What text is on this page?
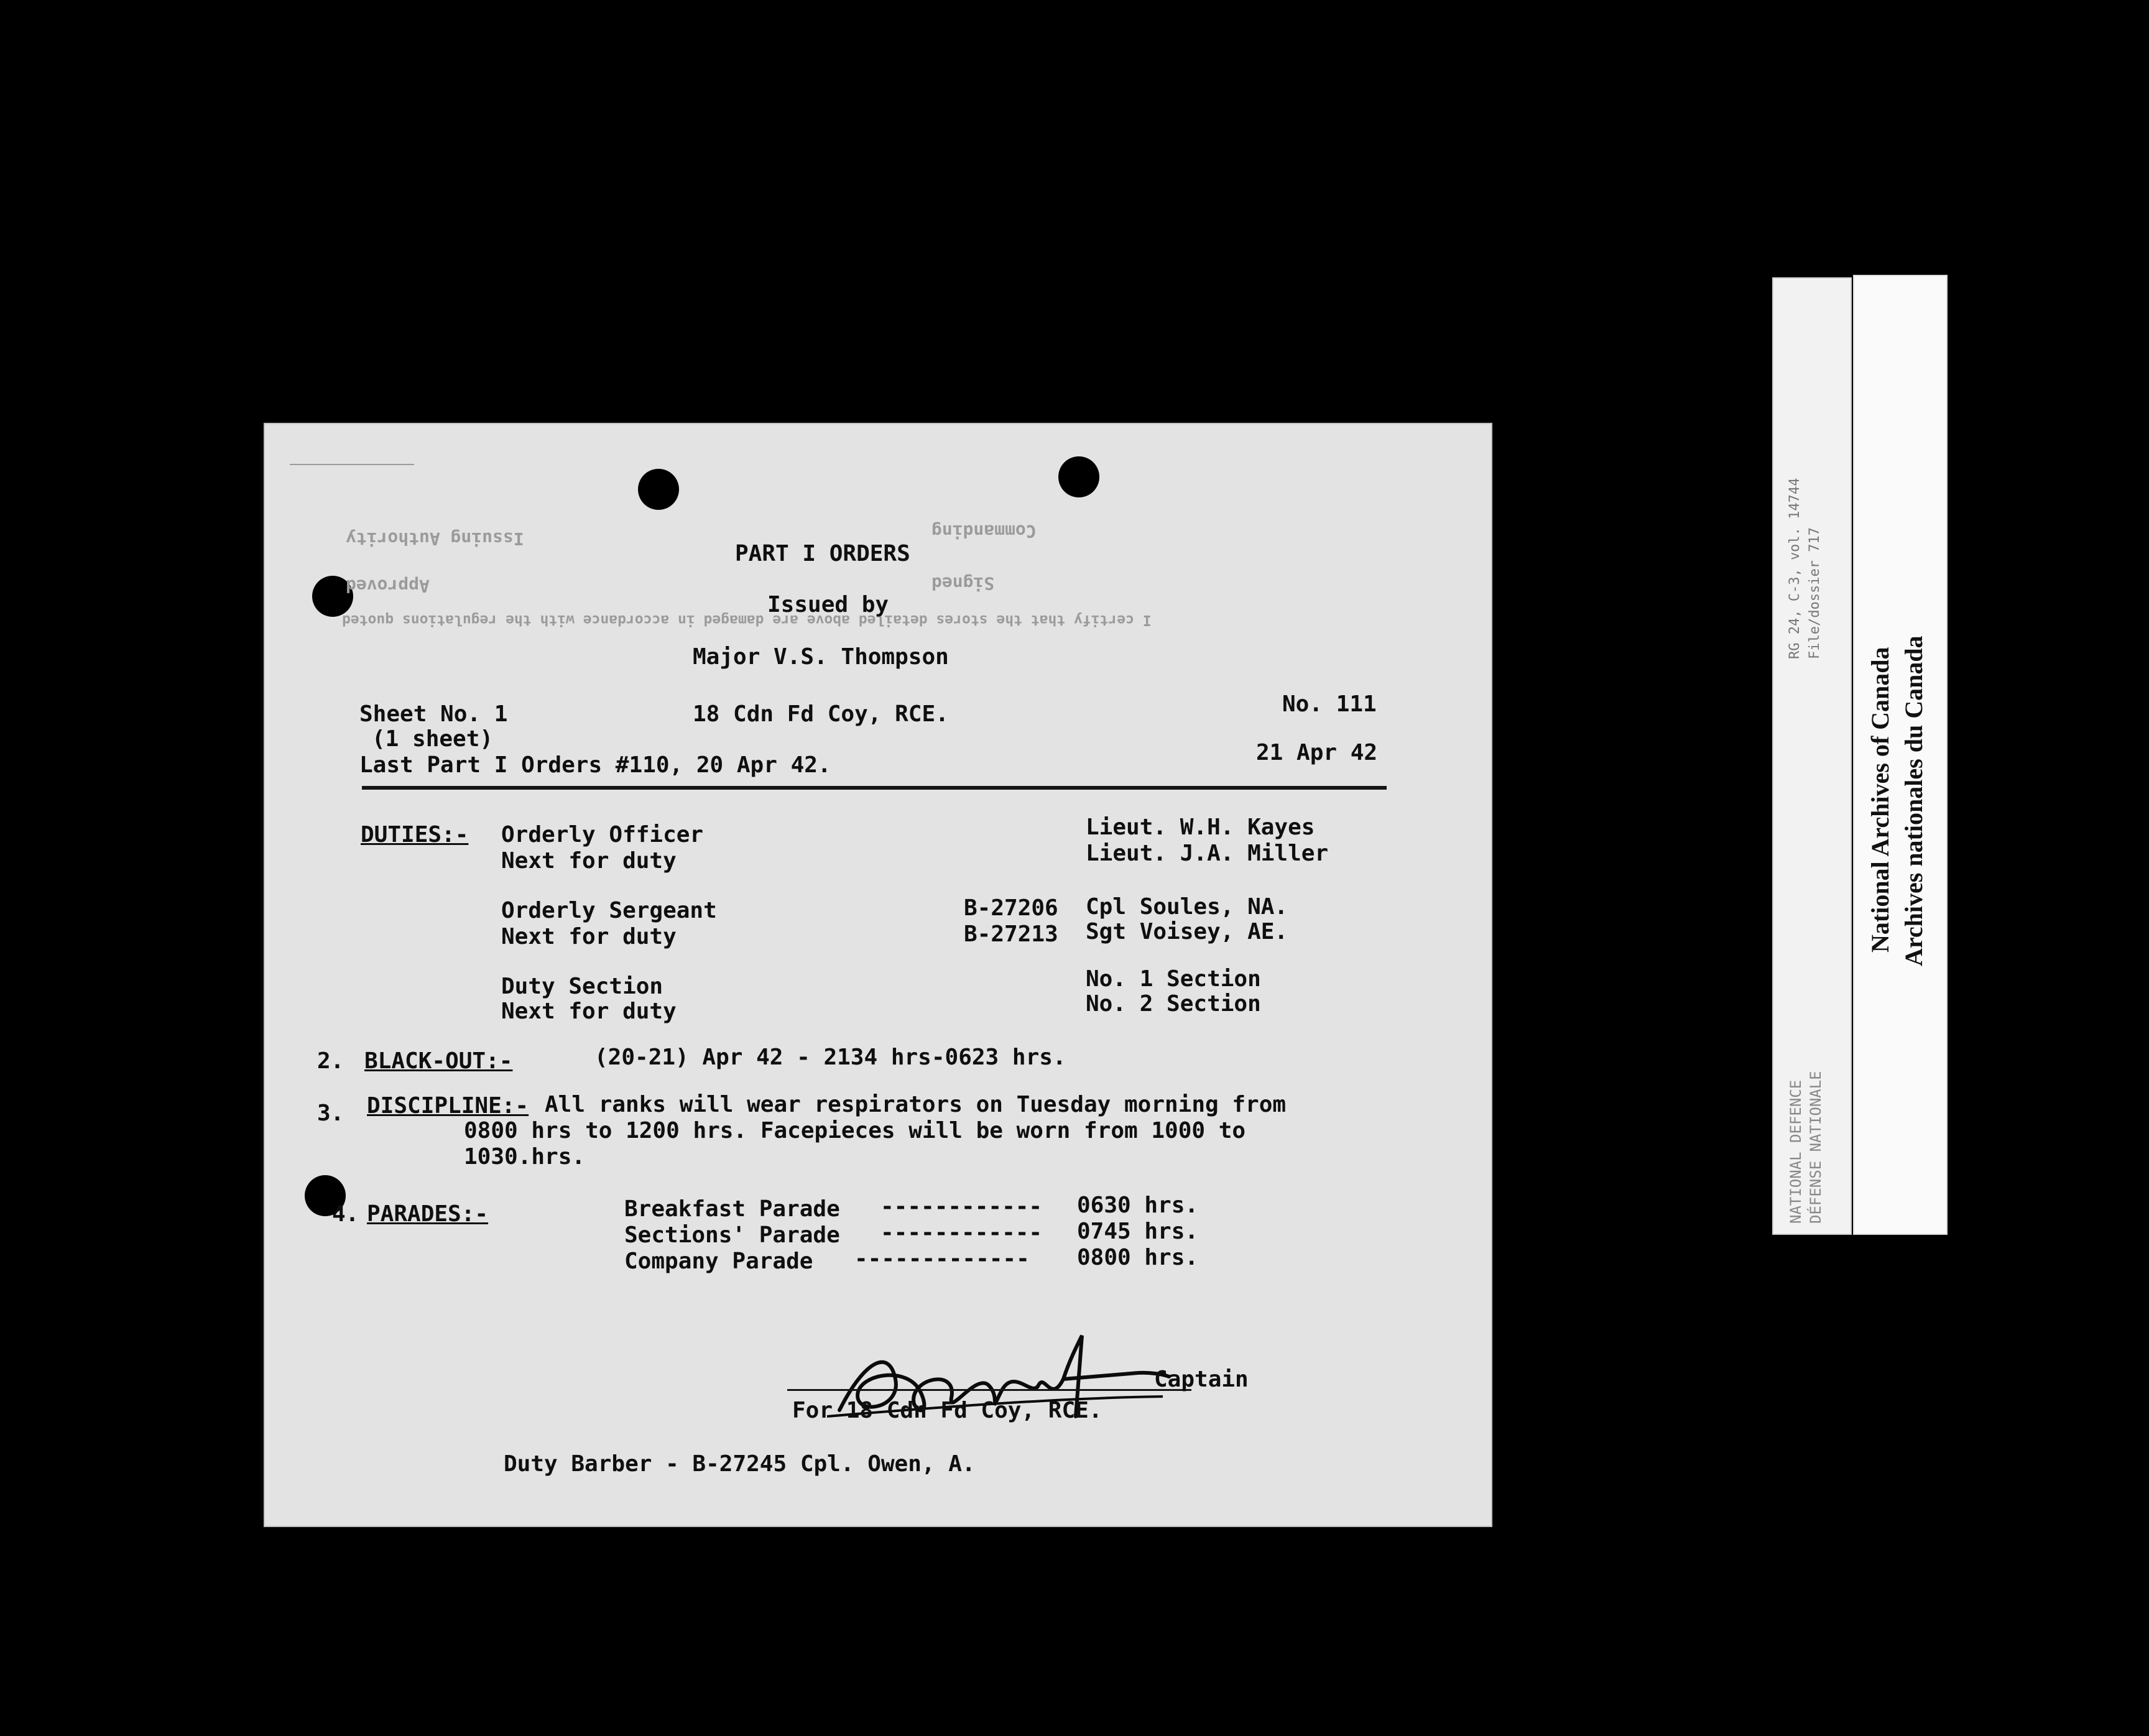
Issuing Authority
Approved
Commanding
Signed
I certify that the stores detailed above are damaged in accordance with the regulations quoted
PART I ORDERS
Issued by
Major V.S. Thompson
Sheet No. 1
(1 sheet)
Last Part I Orders #110, 20 Apr 42.
18 Cdn Fd Coy, RCE.	No. 111
21 Apr 42
DUTIES:- Orderly Officer	Lieut. W.H. Kayes
Next for duty	Lieut. J.A. Miller
Orderly Sergeant	B-27206 Cpl Soules, NA.
Next for duty	B-27213 Sgt Voisey, AE.
Duty Section	No. 1 Section
Next for duty	No. 2 Section
2. BLACK-OUT:-	(20-21) Apr 42 - 2134 hrs-0623 hrs.
3. DISCIPLINE:- All ranks will wear respirators on Tuesday morning from
0800 hrs to 1200 hrs. Facepieces will be worn from 1000 to
1030.hrs.
4. PARADES:-	Breakfast Parade ------------ 0630 hrs.
Sections' Parade ------------ 0745 hrs.
Company Parade ------------- 0800 hrs.
Captain
For 18 Cdn Fd Coy, RCE.
Duty Barber - B-27245 Cpl. Owen, A.
RG 24, C-3, vol. 14744 File/dossier 717
NATIONAL DEFENCE DÉFENSE NATIONALE
National Archives of Canada Archives nationales du Canada
